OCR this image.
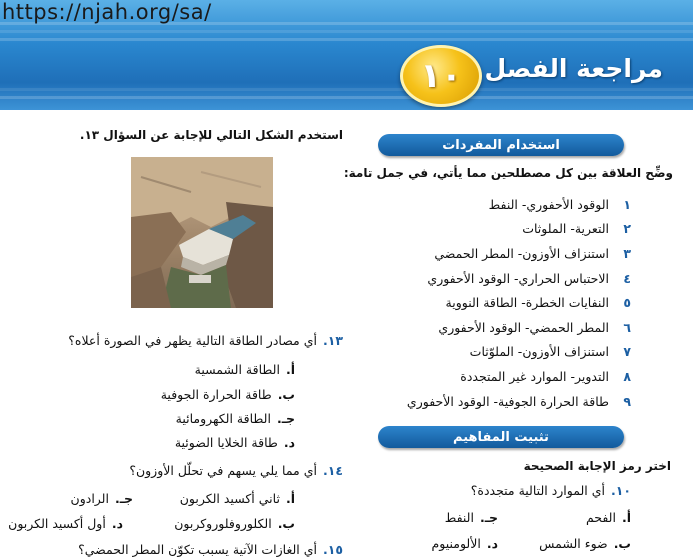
https://njah.org/sa/
١٠ مراجعة الفصل
استخدام المفردات
وضِّح العلاقة بين كل مصطلحين مما يأتي، في جمل تامة:
١
الوقود الأحفوري- النفط
٢
التعرية- الملوثات
٣
استنزاف الأوزون- المطر الحمضي
٤
الاحتباس الحراري- الوقود الأحفوري
٥
النفايات الخطرة- الطاقة النووية
٦
المطر الحمضي- الوقود الأحفوري
٧
استنزاف الأوزون- الملوّثات
٨
التدوير- الموارد غير المتجددة
٩
طاقة الحرارة الجوفية- الوقود الأحفوري
تثبيت المفاهيم
اختر رمز الإجابة الصحيحة
١٠.أي الموارد التالية متجددة؟
أ.الفحم
جـ.النفط
ب.ضوء الشمس
د.الألومنيوم
استخدم الشكل التالي للإجابة عن السؤال ١٣.
١٣.أي مصادر الطاقة التالية يظهر في الصورة أعلاه؟
أ.الطاقة الشمسية
ب.طاقة الحرارة الجوفية
جـ.الطاقة الكهرومائية
د.طاقة الخلايا الضوئية
١٤.أي مما يلي يسهم في تحلّل الأوزون؟
أ.ثاني أكسيد الكربون
جـ.الرادون
ب.الكلوروفلوروكربون
د.أول أكسيد الكربون
١٥.أي الغازات الآتية يسبب تكوّن المطر الحمضي؟
